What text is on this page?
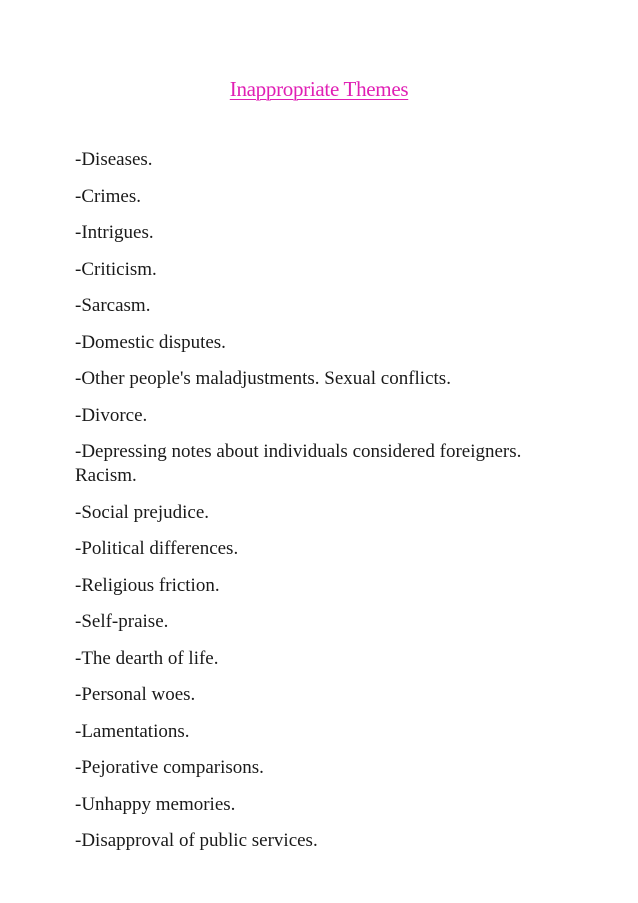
Inappropriate Themes
-Diseases.
-Crimes.
-Intrigues.
-Criticism.
-Sarcasm.
-Domestic disputes.
-Other people's maladjustments. Sexual conflicts.
-Divorce.
-Depressing notes about individuals considered foreigners. Racism.
-Social prejudice.
-Political differences.
-Religious friction.
-Self-praise.
-The dearth of life.
-Personal woes.
-Lamentations.
-Pejorative comparisons.
-Unhappy memories.
-Disapproval of public services.
